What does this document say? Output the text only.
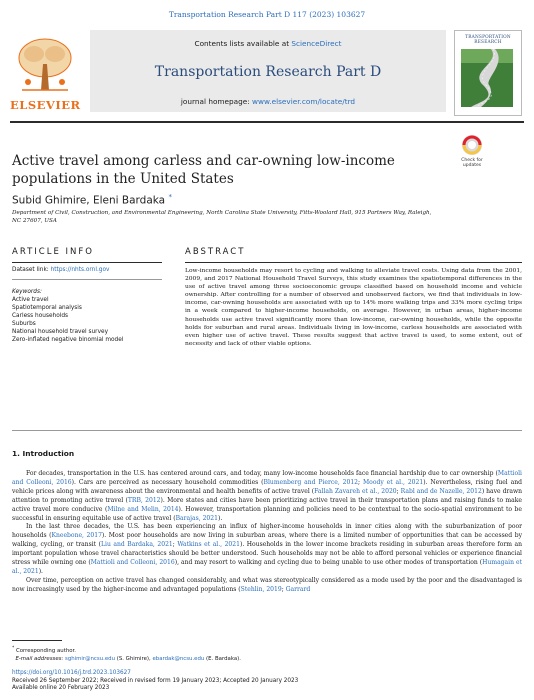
Transportation Research Part D 117 (2023) 103627
ELSEVIER
Contents lists available at ScienceDirect
Transportation Research Part D
journal homepage: www.elsevier.com/locate/trd
TRANSPORTATION
RESEARCH
Active travel among carless and car-owning low-income populations in the United States
Check for
updates
Subid Ghimire, Eleni Bardaka *
Department of Civil, Construction, and Environmental Engineering, North Carolina State University, Fitts-Woolard Hall, 915 Partners Way, Raleigh, NC 27607, USA
ARTICLE INFO	ABSTRACT
Dataset link: https://nhts.ornl.gov
Keywords:
Active travel
Spatiotemporal analysis
Carless households
Suburbs
National household travel survey
Zero-inflated negative binomial model
Low-income households may resort to cycling and walking to alleviate travel costs. Using data from the 2001, 2009, and 2017 National Household Travel Surveys, this study examines the spatiotemporal differences in the use of active travel among three socioeconomic groups classified based on household income and vehicle ownership. After controlling for a number of observed and unobserved factors, we find that individuals in low-income, car-owning households are associated with up to 14% more walking trips and 33% more cycling trips in a week compared to higher-income households, on average. However, in urban areas, higher-income households use active travel significantly more than low-income, car-owning households, while the opposite holds for suburban and rural areas. Individuals living in low-income, carless households are associated with even higher use of active travel. These results suggest that active travel is used, to some extent, out of necessity and lack of other viable options.
1. Introduction

For decades, transportation in the U.S. has centered around cars, and today, many low-income households face financial hardship due to car ownership (Mattioli and Colleoni, 2016). Cars are perceived as necessary household commodities (Blumenberg and Pierce, 2012; Moody et al., 2021). Nevertheless, rising fuel and vehicle prices along with awareness about the environmental and health benefits of active travel (Fallah Zavareh et al., 2020; Rabl and de Nazelle, 2012) have drawn attention to promoting active travel (TRB, 2012). More states and cities have been prioritizing active travel in their transportation plans and raising funds to make active travel more conducive (Milne and Melin, 2014). However, transportation planning and policies need to be contextual to the socio-spatial environment to be successful in ensuring equitable use of active travel (Barajas, 2021).

In the last three decades, the U.S. has been experiencing an influx of higher-income households in inner cities along with the suburbanization of poor households (Kneebone, 2017). Most poor households are now living in suburban areas, where there is a limited number of opportunities that can be accessed by walking, cycling, or transit (Liu and Bardaka, 2021; Watkins et al., 2021). Households in the lower income brackets residing in suburban areas therefore form an important population whose travel characteristics should be better understood. Such households may not be able to afford personal vehicles or experience financial stress while owning one (Mattioli and Colleoni, 2016), and may resort to walking and cycling due to being unable to use other modes of transportation (Humagain et al., 2021).

Over time, perception on active travel has changed considerably, and what was stereotypically considered as a mode used by the poor and the disadvantaged is now increasingly used by the higher-income and advantaged populations (Stehlin, 2019; Garrard

* Corresponding author.
E-mail addresses: sghimir@ncsu.edu (S. Ghimire), ebardak@ncsu.edu (E. Bardaka).
https://doi.org/10.1016/j.trd.2023.103627
Received 26 September 2022; Received in revised form 19 January 2023; Accepted 20 January 2023
Available online 20 February 2023
